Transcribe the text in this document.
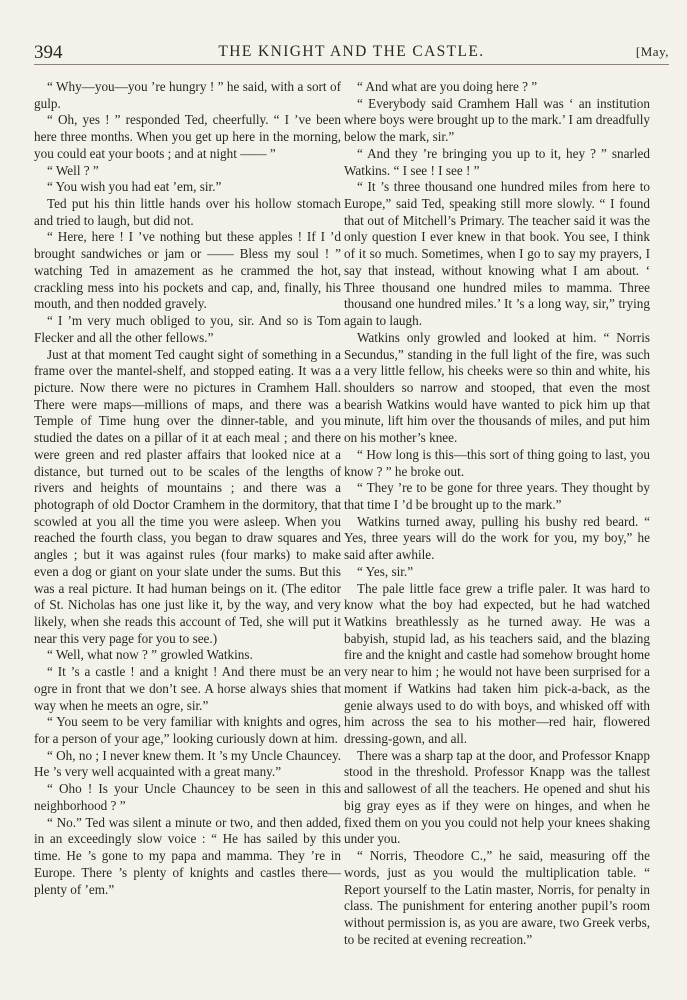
394	THE KNIGHT AND THE CASTLE.	[May,

“ Why—you—you ’re hungry ! ” he said, with a sort of gulp.

“ Oh, yes ! ” responded Ted, cheerfully. “ I ’ve been here three months. When you get up here in the morning, you could eat your boots ; and at night —— ”

“ Well ? ”

“ You wish you had eat ’em, sir.”

Ted put his thin little hands over his hollow stomach and tried to laugh, but did not.

“ Here, here ! I ’ve nothing but these apples ! If I ’d brought sandwiches or jam or —— Bless my soul ! ” watching Ted in amazement as he crammed the hot, crackling mess into his pockets and cap, and, finally, his mouth, and then nodded gravely.

“ I ’m very much obliged to you, sir. And so is Tom Flecker and all the other fellows.”

Just at that moment Ted caught sight of something in a frame over the mantel-shelf, and stopped eating. It was a picture. Now there were no pictures in Cramhem Hall. There were maps—millions of maps, and there was a Temple of Time hung over the dinner-table, and you studied the dates on a pillar of it at each meal ; and there were green and red plaster affairs that looked nice at a distance, but turned out to be scales of the lengths of rivers and heights of mountains ; and there was a photograph of old Doctor Cramhem in the dormitory, that scowled at you all the time you were asleep. When you reached the fourth class, you began to draw squares and angles ; but it was against rules (four marks) to make even a dog or giant on your slate under the sums. But this was a real picture. It had human beings on it. (The editor of St. Nicholas has one just like it, by the way, and very likely, when she reads this account of Ted, she will put it near this very page for you to see.)

“ Well, what now ? ” growled Watkins.

“ It ’s a castle ! and a knight ! And there must be an ogre in front that we don’t see. A horse always shies that way when he meets an ogre, sir.”

“ You seem to be very familiar with knights and ogres, for a person of your age,” looking curiously down at him.

“ Oh, no ; I never knew them. It ’s my Uncle Chauncey. He ’s very well acquainted with a great many.”

“ Oho ! Is your Uncle Chauncey to be seen in this neighborhood ? ”

“ No.” Ted was silent a minute or two, and then added, in an exceedingly slow voice : “ He has sailed by this time. He ’s gone to my papa and mamma. They ’re in Europe. There ’s plenty of knights and castles there—plenty of ’em.”

“ And what are you doing here ? ”

“ Everybody said Cramhem Hall was ‘ an institution where boys were brought up to the mark.’ I am dreadfully below the mark, sir.”

“ And they ’re bringing you up to it, hey ? ” snarled Watkins. “ I see ! I see ! ”

“ It ’s three thousand one hundred miles from here to Europe,” said Ted, speaking still more slowly. “ I found that out of Mitchell’s Primary. The teacher said it was the only question I ever knew in that book. You see, I think of it so much. Sometimes, when I go to say my prayers, I say that instead, without knowing what I am about. ‘ Three thousand one hundred miles to mamma. Three thousand one hundred miles.’ It ’s a long way, sir,” trying again to laugh.

Watkins only growled and looked at him. “ Norris Secundus,” standing in the full light of the fire, was such a very little fellow, his cheeks were so thin and white, his shoulders so narrow and stooped, that even the most bearish Watkins would have wanted to pick him up that minute, lift him over the thousands of miles, and put him on his mother’s knee.

“ How long is this—this sort of thing going to last, you know ? ” he broke out.

“ They ’re to be gone for three years. They thought by that time I ’d be brought up to the mark.”

Watkins turned away, pulling his bushy red beard. “ Yes, three years will do the work for you, my boy,” he said after awhile.

“ Yes, sir.”

The pale little face grew a trifle paler. It was hard to know what the boy had expected, but he had watched Watkins breathlessly as he turned away. He was a babyish, stupid lad, as his teachers said, and the blazing fire and the knight and castle had somehow brought home very near to him ; he would not have been surprised for a moment if Watkins had taken him pick-a-back, as the genie always used to do with boys, and whisked off with him across the sea to his mother—red hair, flowered dressing-gown, and all.

There was a sharp tap at the door, and Professor Knapp stood in the threshold. Professor Knapp was the tallest and sallowest of all the teachers. He opened and shut his big gray eyes as if they were on hinges, and when he fixed them on you you could not help your knees shaking under you.

“ Norris, Theodore C.,” he said, measuring off the words, just as you would the multiplication table. “ Report yourself to the Latin master, Norris, for penalty in class. The punishment for entering another pupil’s room without permission is, as you are aware, two Greek verbs, to be recited at evening recreation.”
